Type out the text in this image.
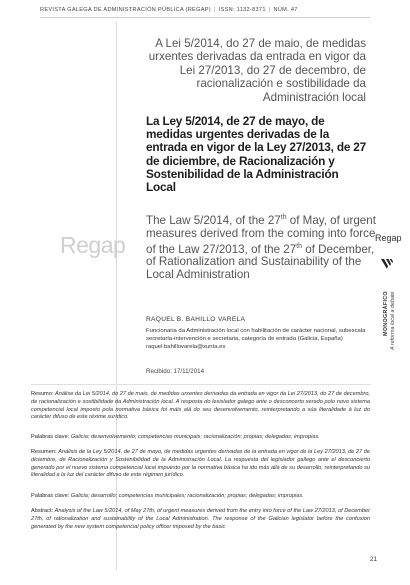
REVISTA GALEGA DE ADMINISTRACIÓN PÚBLICA (REGAP) | ISSN: 1132-8371 | NÚM. 47
A Lei 5/2014, do 27 de maio, de medidas urxentes derivadas da entrada en vigor da Lei 27/2013, do 27 de decembro, de racionalización e sostibilidade da Administración local
La Ley 5/2014, de 27 de mayo, de medidas urgentes derivadas de la entrada en vigor de la Ley 27/2013, de 27 de diciembre, de Racionalización y Sostenibilidad de la Administración Local
The Law 5/2014, of the 27th of May, of urgent measures derived from the coming into force of the Law 27/2013, of the 27th of December, of Rationalization and Sustainability of the Local Administration
Regap	Regap
MONOGRÁFICO A reforma local a debate
RAQUEL B. BAHILLO VARELA
Funcionaria da Administración local con habilitación de carácter nacional, subescala secretaría-intervención e secretaria, categoría de entrada (Galicia, España)
raquel.bahillovarela@xunta.es
Recibido: 17/11/2014
Resumo: Análise da Lei 5/2014, do 27 de maio, de medidas urxentes derivadas da entrada en vigor da Lei 27/2013, do 27 de decembro, de racionalización e sostibilidade da Administración local. A resposta do lexislador galego ante o desconcerto xerado polo novo sistema competencial local imposto pola normativa básica foi máis alá do seu desenvolvemento, reinterpretando a súa literalidade á luz do carácter difuso de este réxime xurídico.
Palabras clave: Galicia; desenvolvemento; competencias municipais; racionalización; propias; delegadas; impropias.
Resumen: Análisis de la Ley 5/2014, de 27 de mayo, de medidas urgentes derivadas de la entrada en vigor de la Ley 27/2013, de 27 de diciembre, de Racionalización y Sostenibilidad de la Administración Local. La respuesta del legislador gallego ante el desconcierto generado por el nuevo sistema competencial local impuesto por la normativa básica ha ido más allá de su desarrollo, reinterpretando su literalidad a la luz del carácter difuso de este régimen jurídico.
Palabras clave: Galicia; desarrollo; competencias municipales; racionalización; propias; delegadas; impropias.
Abstract: Analysis of the Law 5/2014, of May 27th, of urgent measures derived from the entry into force of the Law 27/2013, of December 27th, of rationalization and sustainability of the Local Administration. The response of the Galician legislator before the confusion generated by the new system competencial policy officer imposed by the basic
21
